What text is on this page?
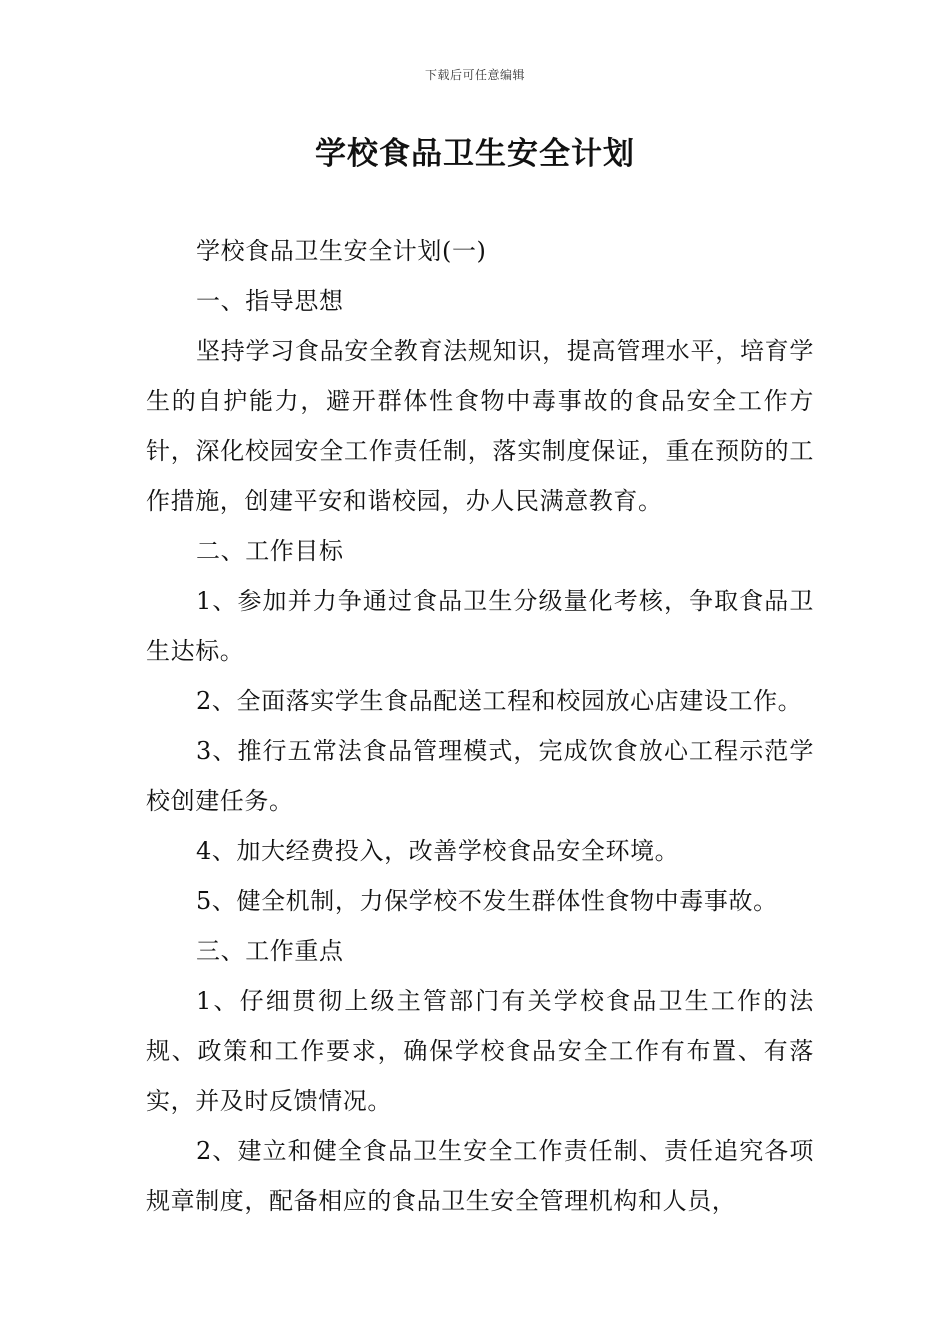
下载后可任意编辑
学校食品卫生安全计划

学校食品卫生安全计划(一)

一、指导思想

坚持学习食品安全教育法规知识，提高管理水平，培育学生的自护能力，避开群体性食物中毒事故的食品安全工作方针，深化校园安全工作责任制，落实制度保证，重在预防的工作措施，创建平安和谐校园，办人民满意教育。

二、工作目标

1、参加并力争通过食品卫生分级量化考核，争取食品卫生达标。

2、全面落实学生食品配送工程和校园放心店建设工作。

3、推行五常法食品管理模式，完成饮食放心工程示范学校创建任务。

4、加大经费投入，改善学校食品安全环境。

5、健全机制，力保学校不发生群体性食物中毒事故。

三、工作重点

1、仔细贯彻上级主管部门有关学校食品卫生工作的法规、政策和工作要求，确保学校食品安全工作有布置、有落实，并及时反馈情况。

2、建立和健全食品卫生安全工作责任制、责任追究各项规章制度，配备相应的食品卫生安全管理机构和人员，
